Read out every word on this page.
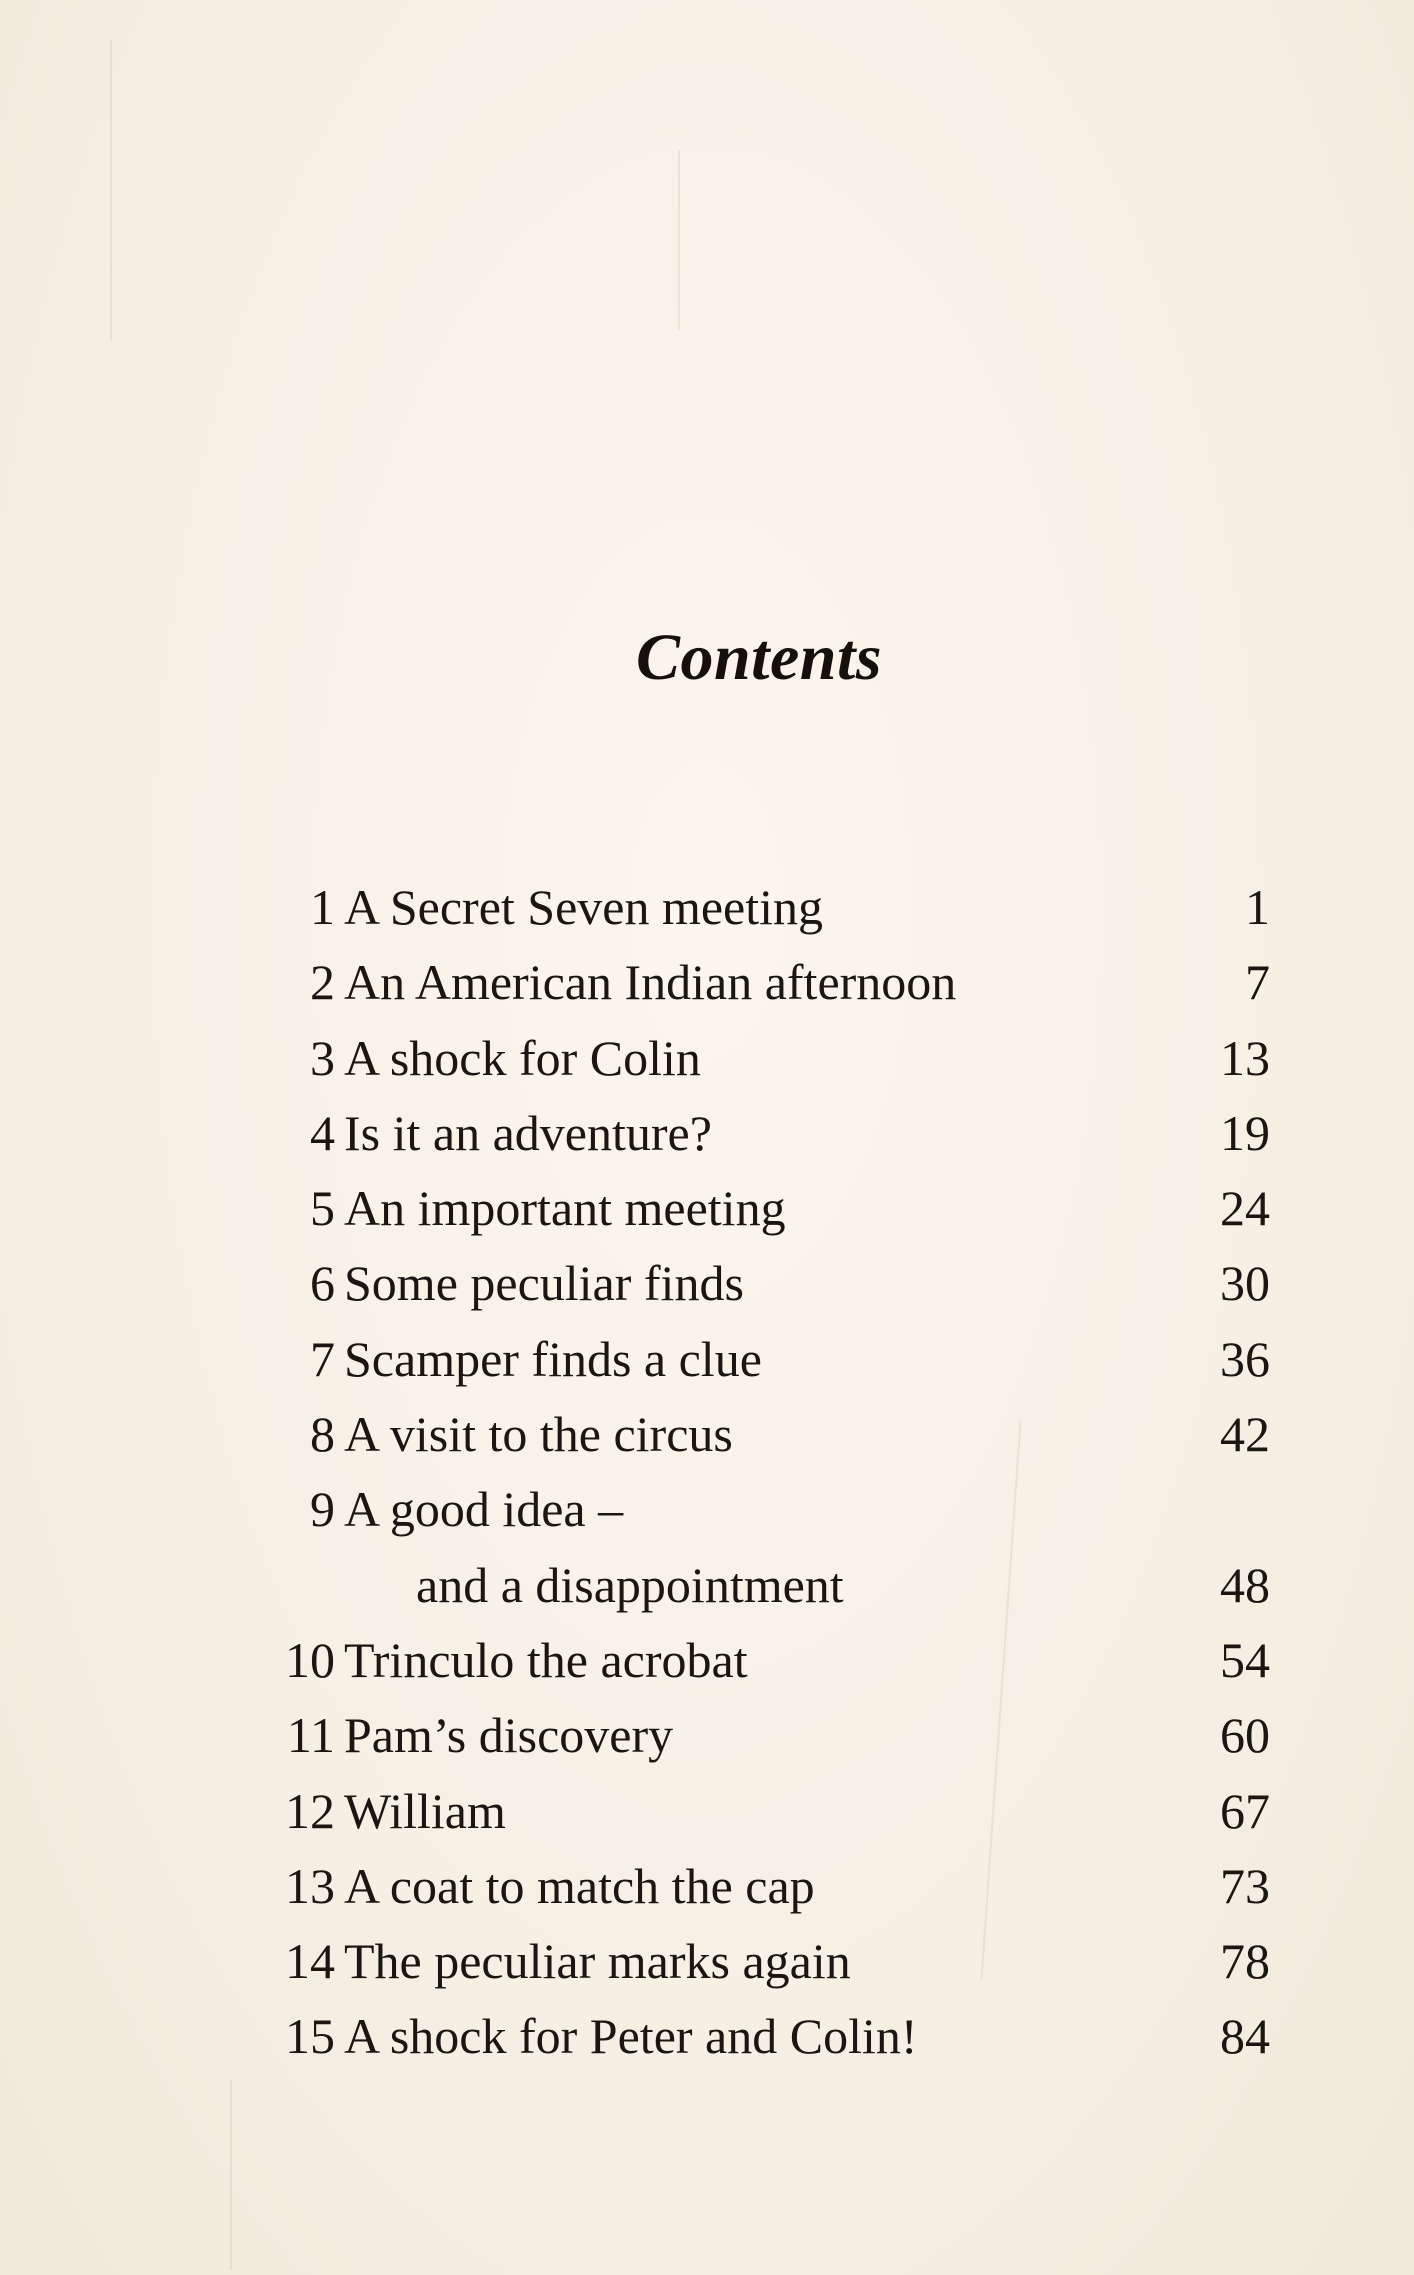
Contents
1 A Secret Seven meeting	1
2 An American Indian afternoon	7
3 A shock for Colin	13
4 Is it an adventure?	19
5 An important meeting	24
6 Some peculiar finds	30
7 Scamper finds a clue	36
8 A visit to the circus	42
9 A good idea –
and a disappointment	48
10 Trinculo the acrobat	54
11 Pam’s discovery	60
12 William	67
13 A coat to match the cap	73
14 The peculiar marks again	78
15 A shock for Peter and Colin!	84
